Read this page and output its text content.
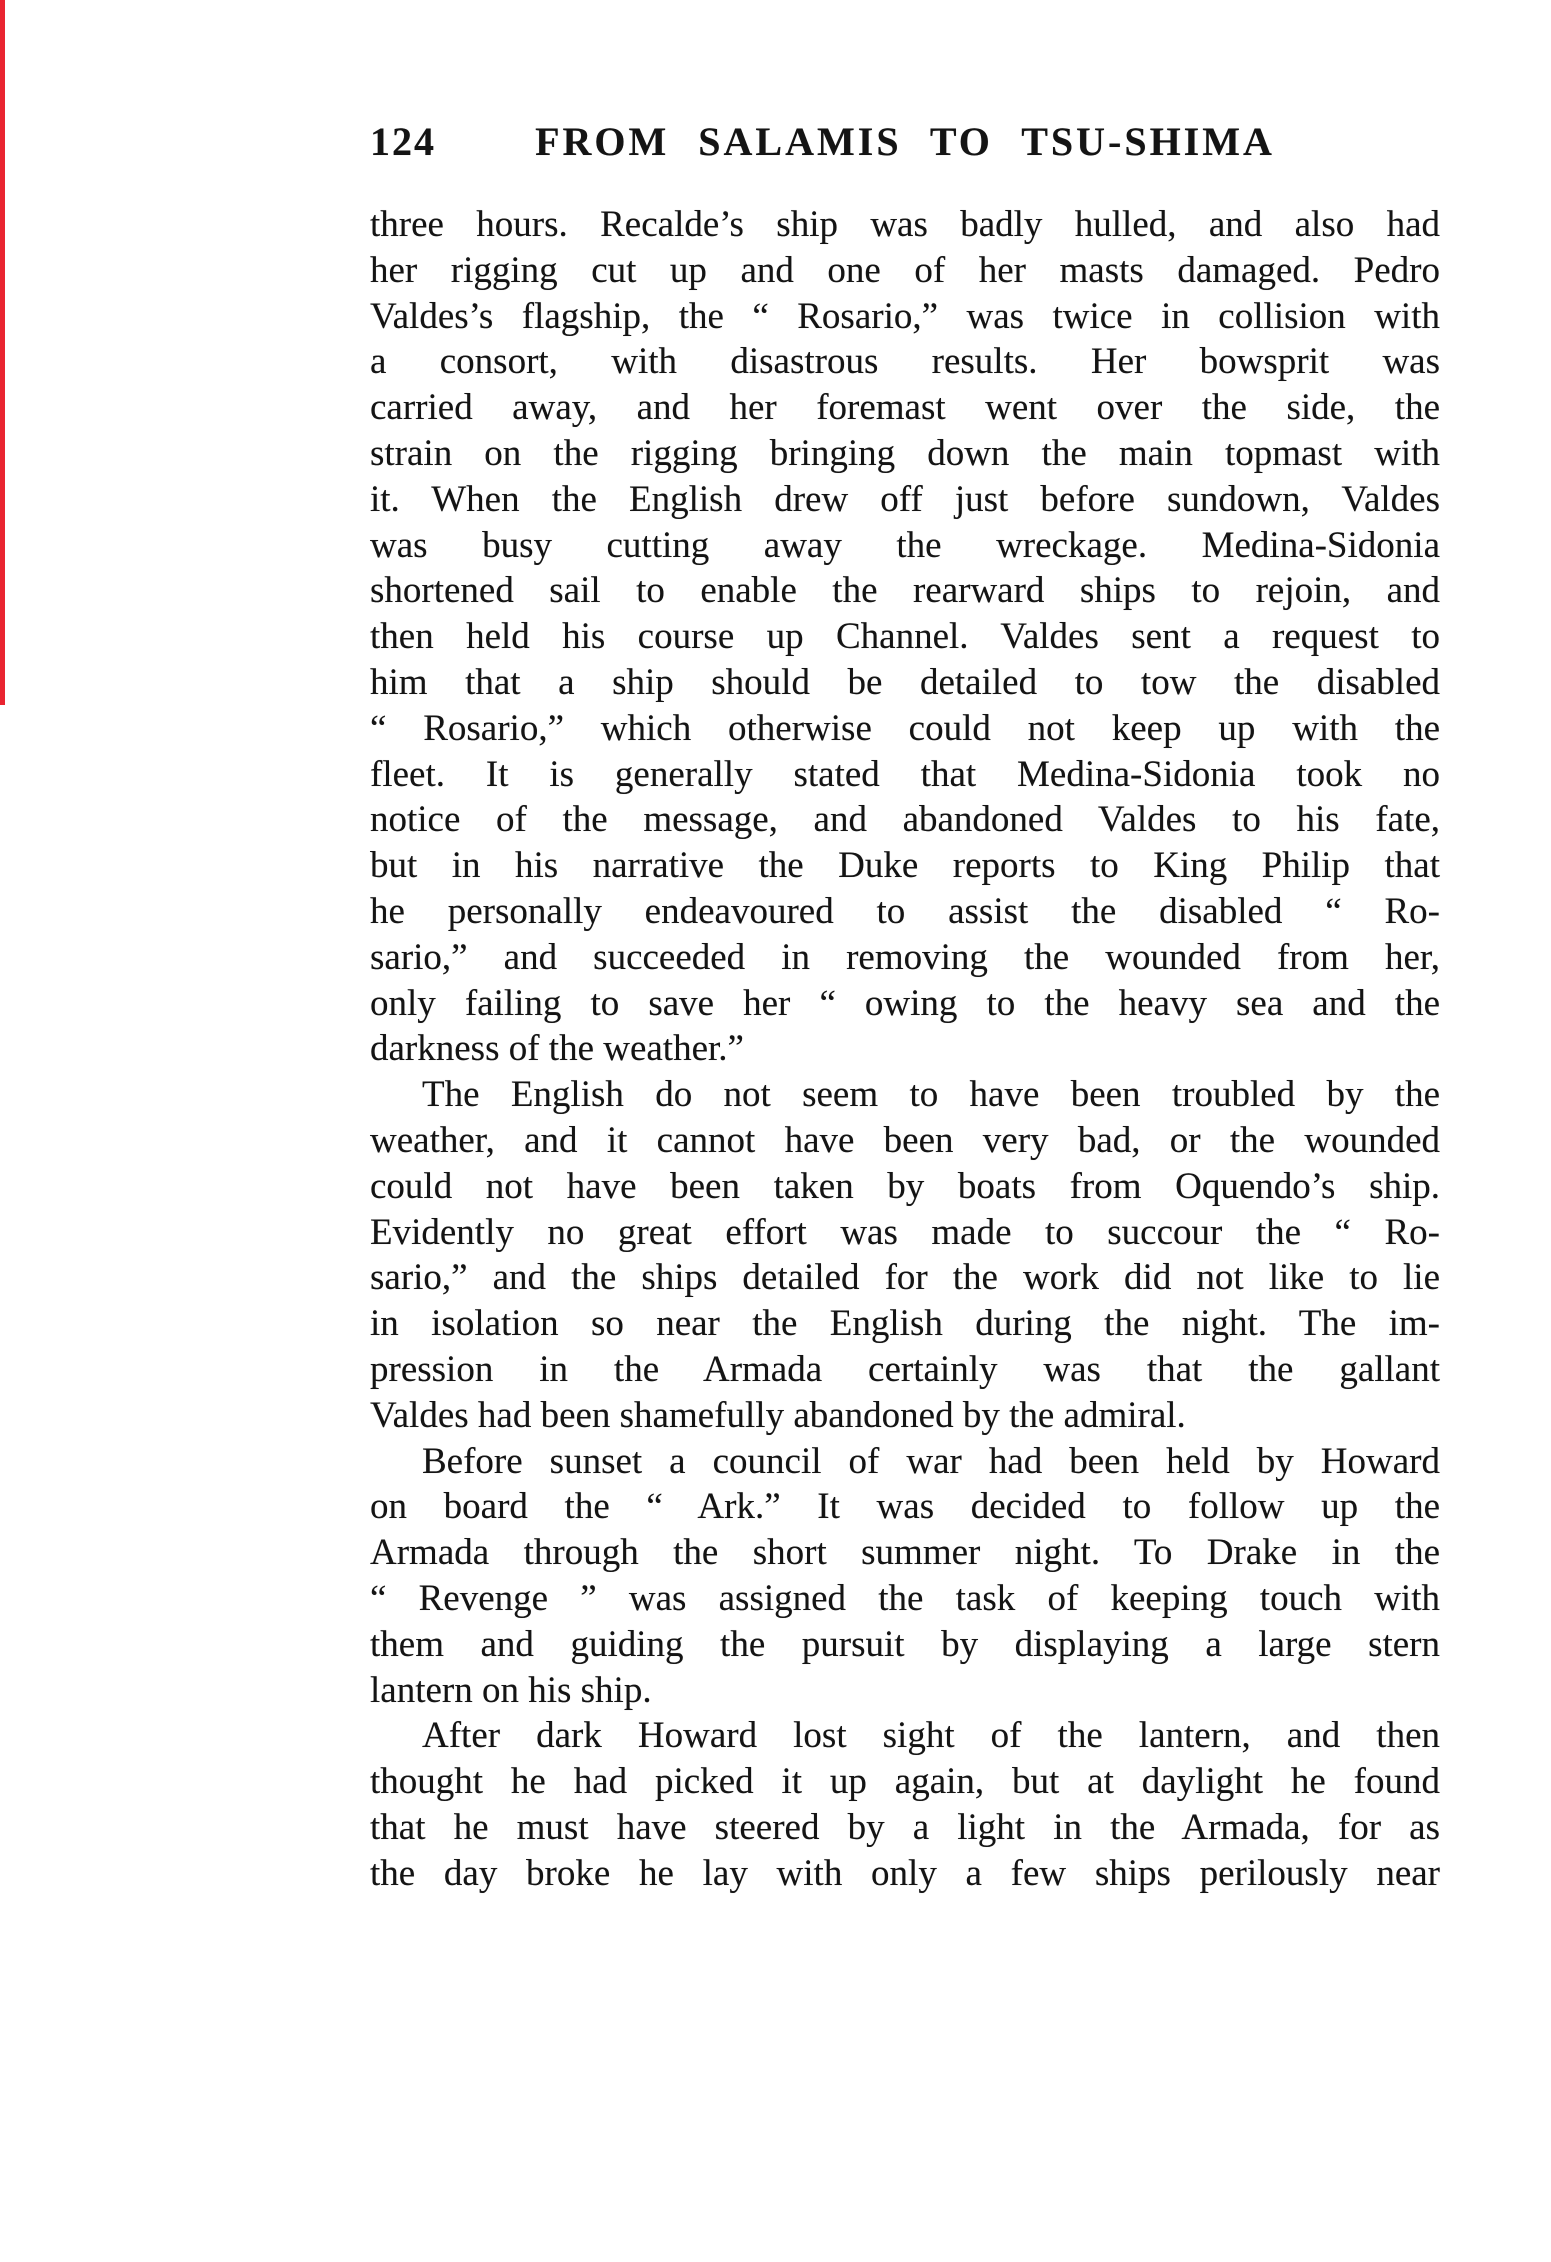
124 FROM SALAMIS TO TSU-SHIMA
three hours. Recalde’s ship was badly hulled, and also had
her rigging cut up and one of her masts damaged. Pedro
Valdes’s flagship, the “ Rosario,” was twice in collision with
a consort, with disastrous results. Her bowsprit was
carried away, and her foremast went over the side, the
strain on the rigging bringing down the main topmast with
it. When the English drew off just before sundown, Valdes
was busy cutting away the wreckage. Medina-Sidonia
shortened sail to enable the rearward ships to rejoin, and
then held his course up Channel. Valdes sent a request to
him that a ship should be detailed to tow the disabled
“ Rosario,” which otherwise could not keep up with the
fleet. It is generally stated that Medina-Sidonia took no
notice of the message, and abandoned Valdes to his fate,
but in his narrative the Duke reports to King Philip that
he personally endeavoured to assist the disabled “ Ro-
sario,” and succeeded in removing the wounded from her,
only failing to save her “ owing to the heavy sea and the
darkness of the weather.”
The English do not seem to have been troubled by the
weather, and it cannot have been very bad, or the wounded
could not have been taken by boats from Oquendo’s ship.
Evidently no great effort was made to succour the “ Ro-
sario,” and the ships detailed for the work did not like to lie
in isolation so near the English during the night. The im-
pression in the Armada certainly was that the gallant
Valdes had been shamefully abandoned by the admiral.
Before sunset a council of war had been held by Howard
on board the “ Ark.” It was decided to follow up the
Armada through the short summer night. To Drake in the
“ Revenge ” was assigned the task of keeping touch with
them and guiding the pursuit by displaying a large stern
lantern on his ship.
After dark Howard lost sight of the lantern, and then
thought he had picked it up again, but at daylight he found
that he must have steered by a light in the Armada, for as
the day broke he lay with only a few ships perilously near
